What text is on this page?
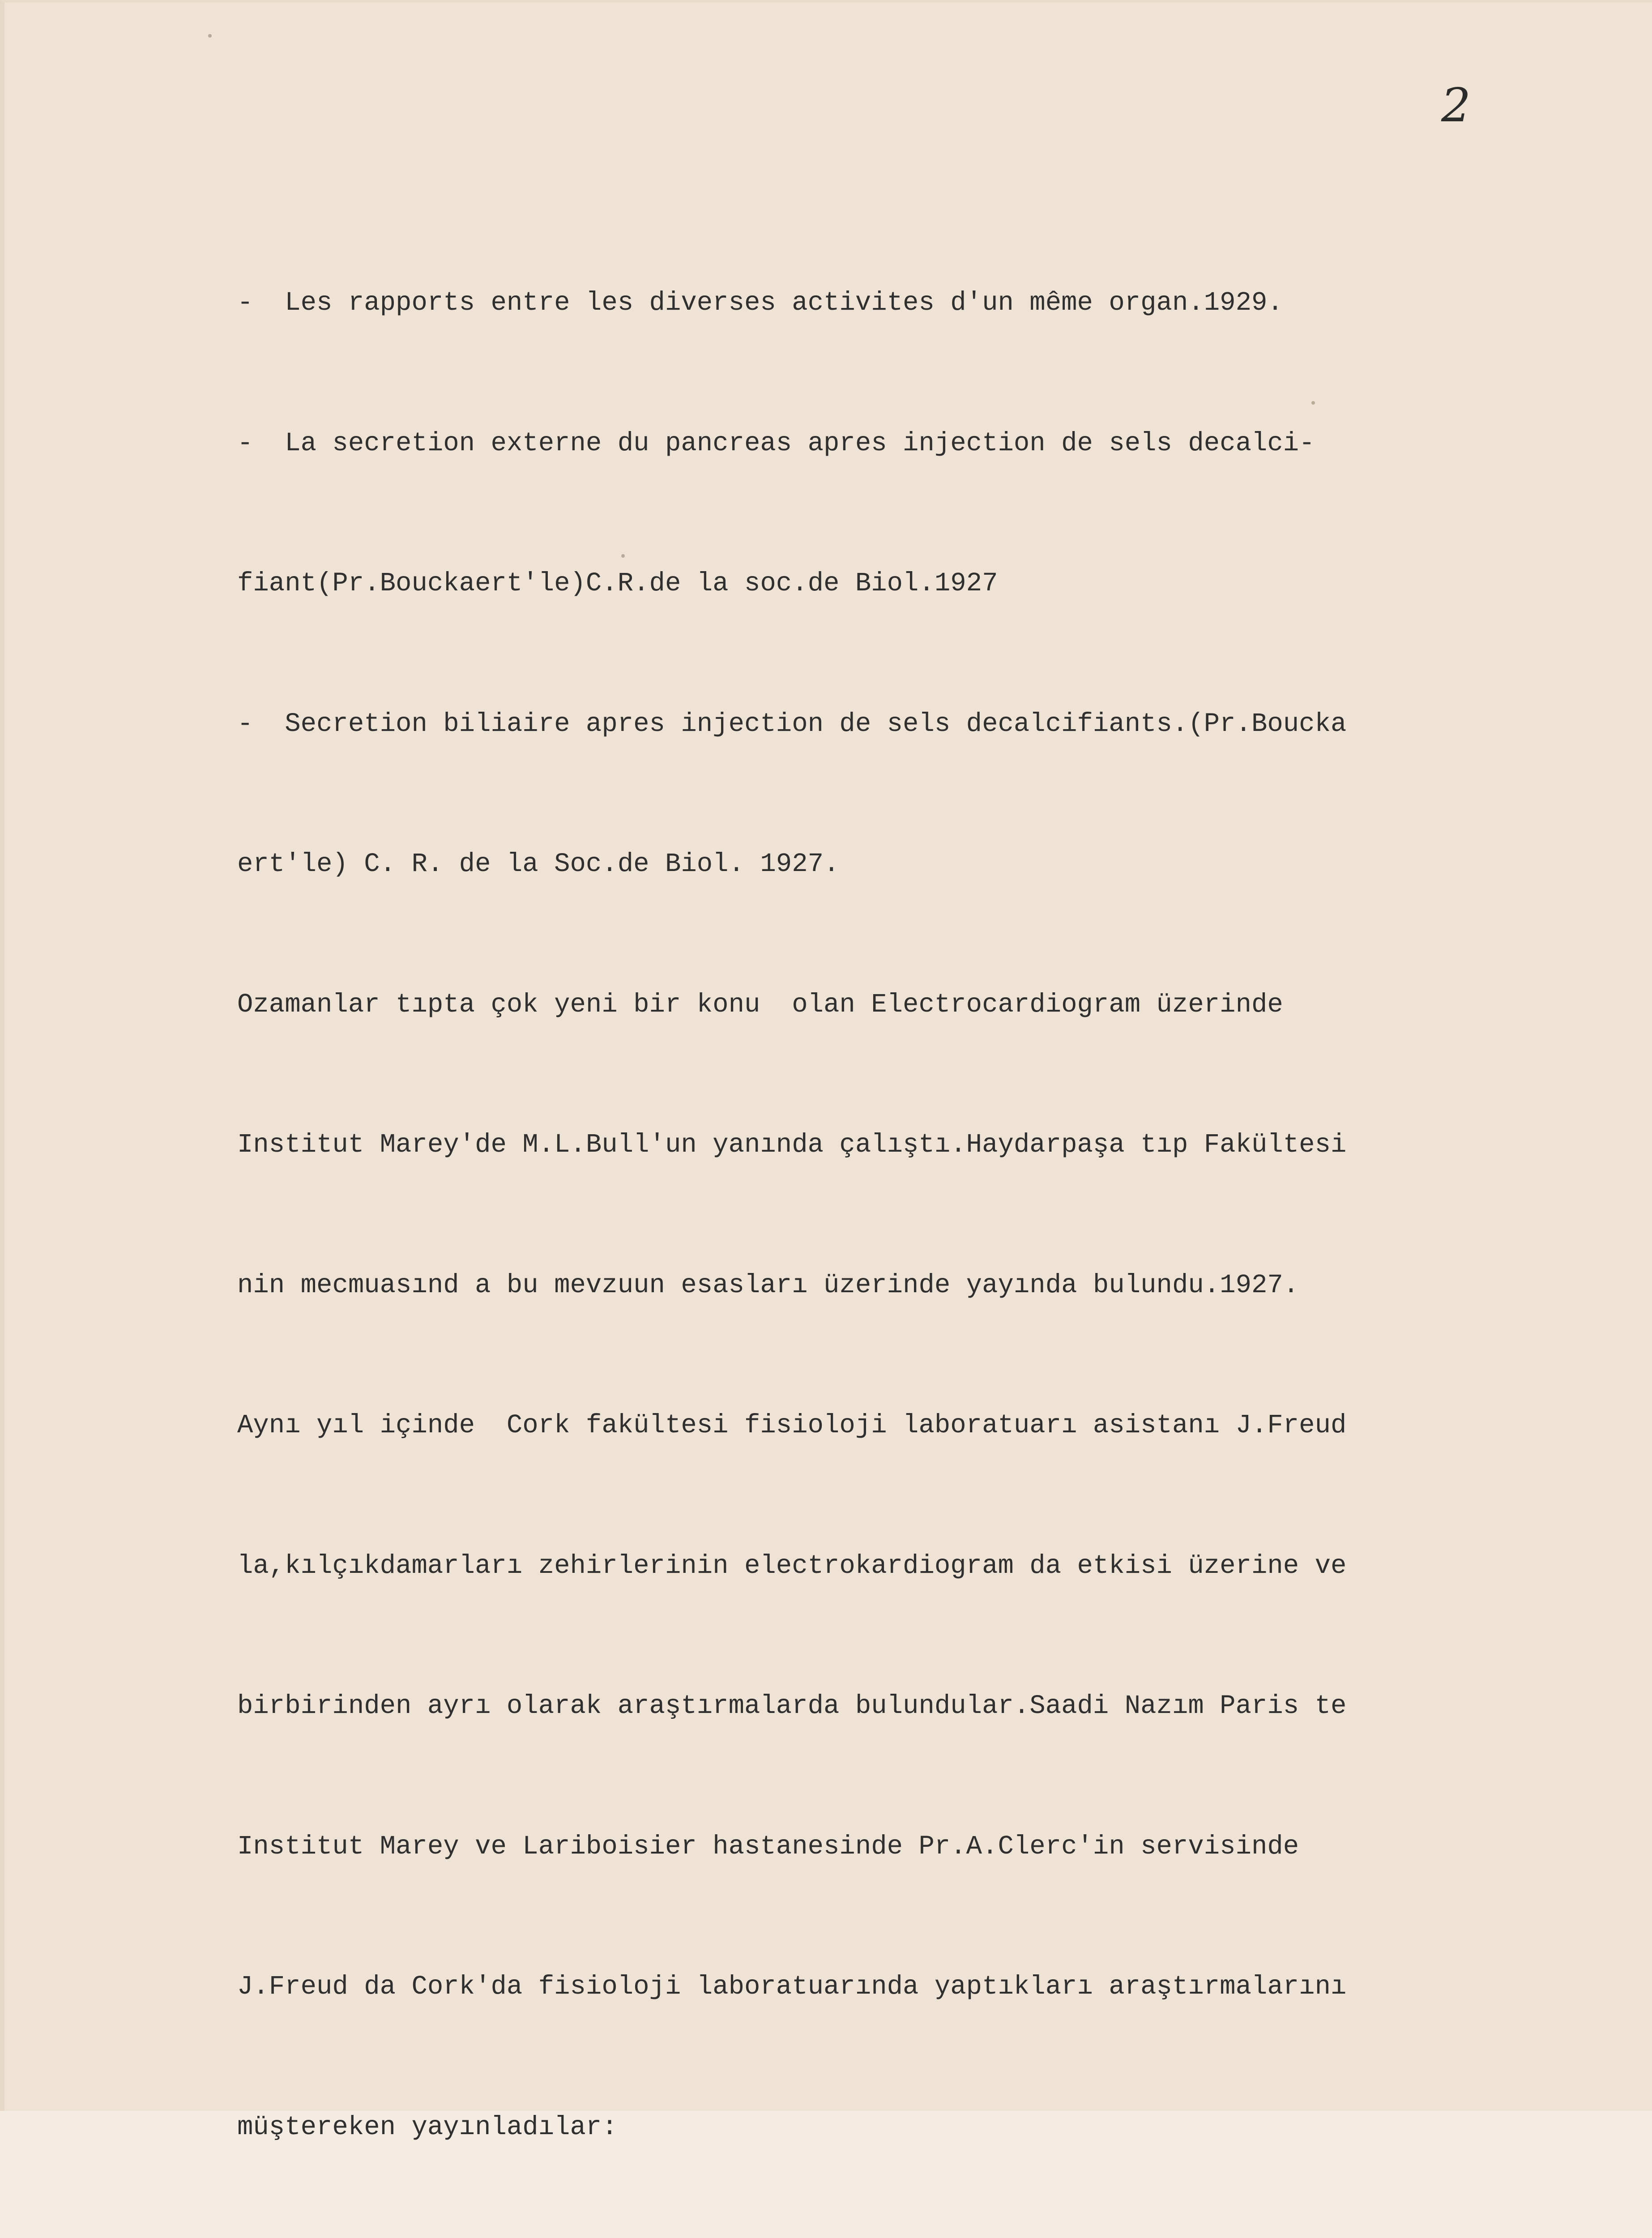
2

-  Les rapports entre les diverses activites d'un même organ.1929.

-  La secretion externe du pancreas apres injection de sels decalci-

fiant(Pr.Bouckaert'le)C.R.de la soc.de Biol.1927

-  Secretion biliaire apres injection de sels decalcifiants.(Pr.Boucka

ert'le) C. R. de la Soc.de Biol. 1927.

Ozamanlar tıpta çok yeni bir konu  olan Electrocardiogram üzerinde

Institut Marey'de M.L.Bull'un yanında çalıştı.Haydarpaşa tıp Fakültesi

nin mecmuasınd a bu mevzuun esasları üzerinde yayında bulundu.1927.

Aynı yıl içinde  Cork fakültesi fisioloji laboratuarı asistanı J.Freud

la,kılçıkdamarları zehirlerinin electrokardiogram da etkisi üzerine ve

birbirinden ayrı olarak araştırmalarda bulundular.Saadi Nazım Paris te

Institut Marey ve Lariboisier hastanesinde Pr.A.Clerc'in servisinde

J.Freud da Cork'da fisioloji laboratuarında yaptıkları araştırmalarını

müştereken yayınladılar:
